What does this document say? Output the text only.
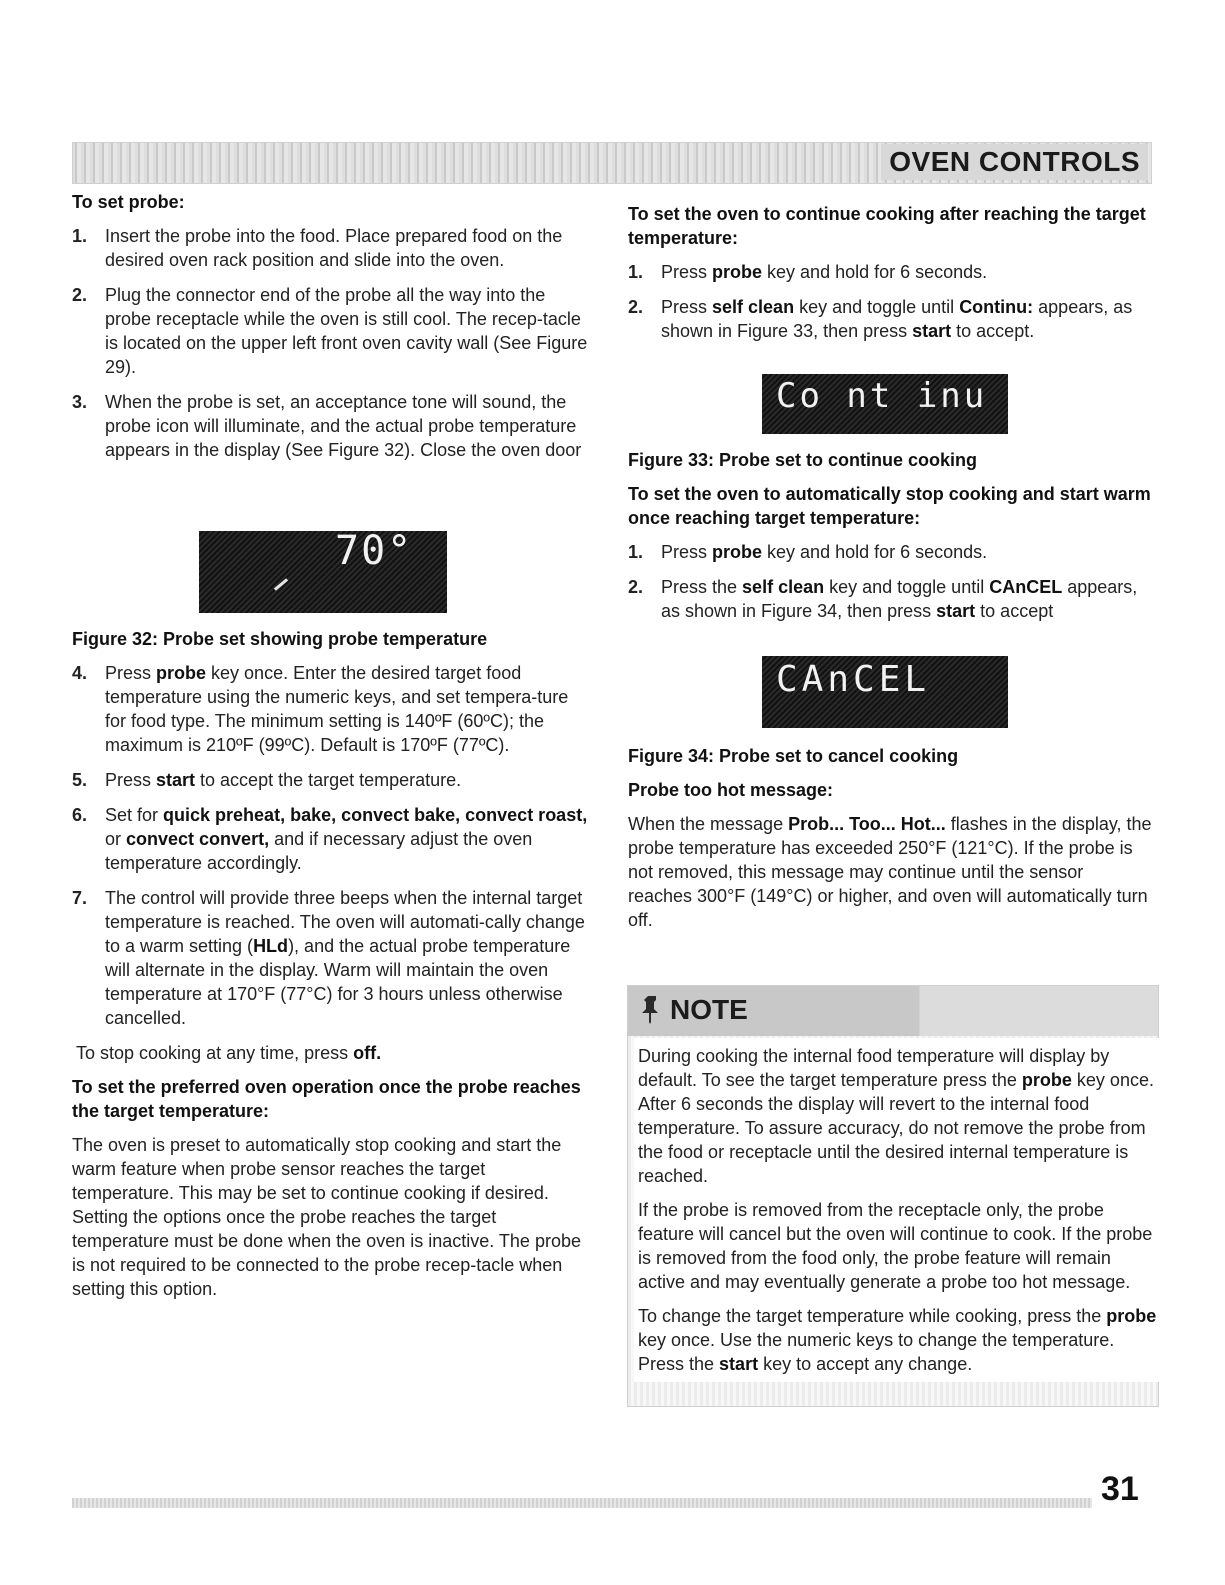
OVEN CONTROLS
To set probe:
1. Insert the probe into the food. Place prepared food on the desired oven rack position and slide into the oven.
2. Plug the connector end of the probe all the way into the probe receptacle while the oven is still cool. The recep-tacle is located on the upper left front oven cavity wall (See Figure 29).
3. When the probe is set, an acceptance tone will sound, the probe icon will illuminate, and the actual probe temperature appears in the display (See Figure 32). Close the oven door
70°
Figure 32: Probe set showing probe temperature
4. Press probe key once. Enter the desired target food temperature using the numeric keys, and set tempera-ture for food type. The minimum setting is 140ºF (60ºC); the maximum is 210ºF (99ºC). Default is 170ºF (77ºC).
5. Press start to accept the target temperature.
6. Set for quick preheat, bake, convect bake, convect roast, or convect convert, and if necessary adjust the oven temperature accordingly.
7. The control will provide three beeps when the internal target temperature is reached. The oven will automati-cally change to a warm setting (HLd), and the actual probe temperature will alternate in the display. Warm will maintain the oven temperature at 170°F (77°C) for 3 hours unless otherwise cancelled.
To stop cooking at any time, press off.
To set the preferred oven operation once the probe reaches the target temperature:
The oven is preset to automatically stop cooking and start the warm feature when probe sensor reaches the target temperature. This may be set to continue cooking if desired. Setting the options once the probe reaches the target temperature must be done when the oven is inactive. The probe is not required to be connected to the probe recep-tacle when setting this option.
To set the oven to continue cooking after reaching the target temperature:
1. Press probe key and hold for 6 seconds.
2. Press self clean key and toggle until Continu: appears, as shown in Figure 33, then press start to accept.
Co nt inu
Figure 33: Probe set to continue cooking
To set the oven to automatically stop cooking and start warm once reaching target temperature:
1. Press probe key and hold for 6 seconds.
2. Press the self clean key and toggle until CAnCEL appears, as shown in Figure 34, then press start to accept
CAnCEL
Figure 34: Probe set to cancel cooking
Probe too hot message:
When the message Prob... Too... Hot... flashes in the display, the probe temperature has exceeded 250°F (121°C). If the probe is not removed, this message may continue until the sensor reaches 300°F (149°C) or higher, and oven will automatically turn off.
NOTE
During cooking the internal food temperature will display by default. To see the target temperature press the probe key once. After 6 seconds the display will revert to the internal food temperature. To assure accuracy, do not remove the probe from the food or receptacle until the desired internal temperature is reached.
If the probe is removed from the receptacle only, the probe feature will cancel but the oven will continue to cook. If the probe is removed from the food only, the probe feature will remain active and may eventually generate a probe too hot message.
To change the target temperature while cooking, press the probe key once. Use the numeric keys to change the temperature. Press the start key to accept any change.
31
